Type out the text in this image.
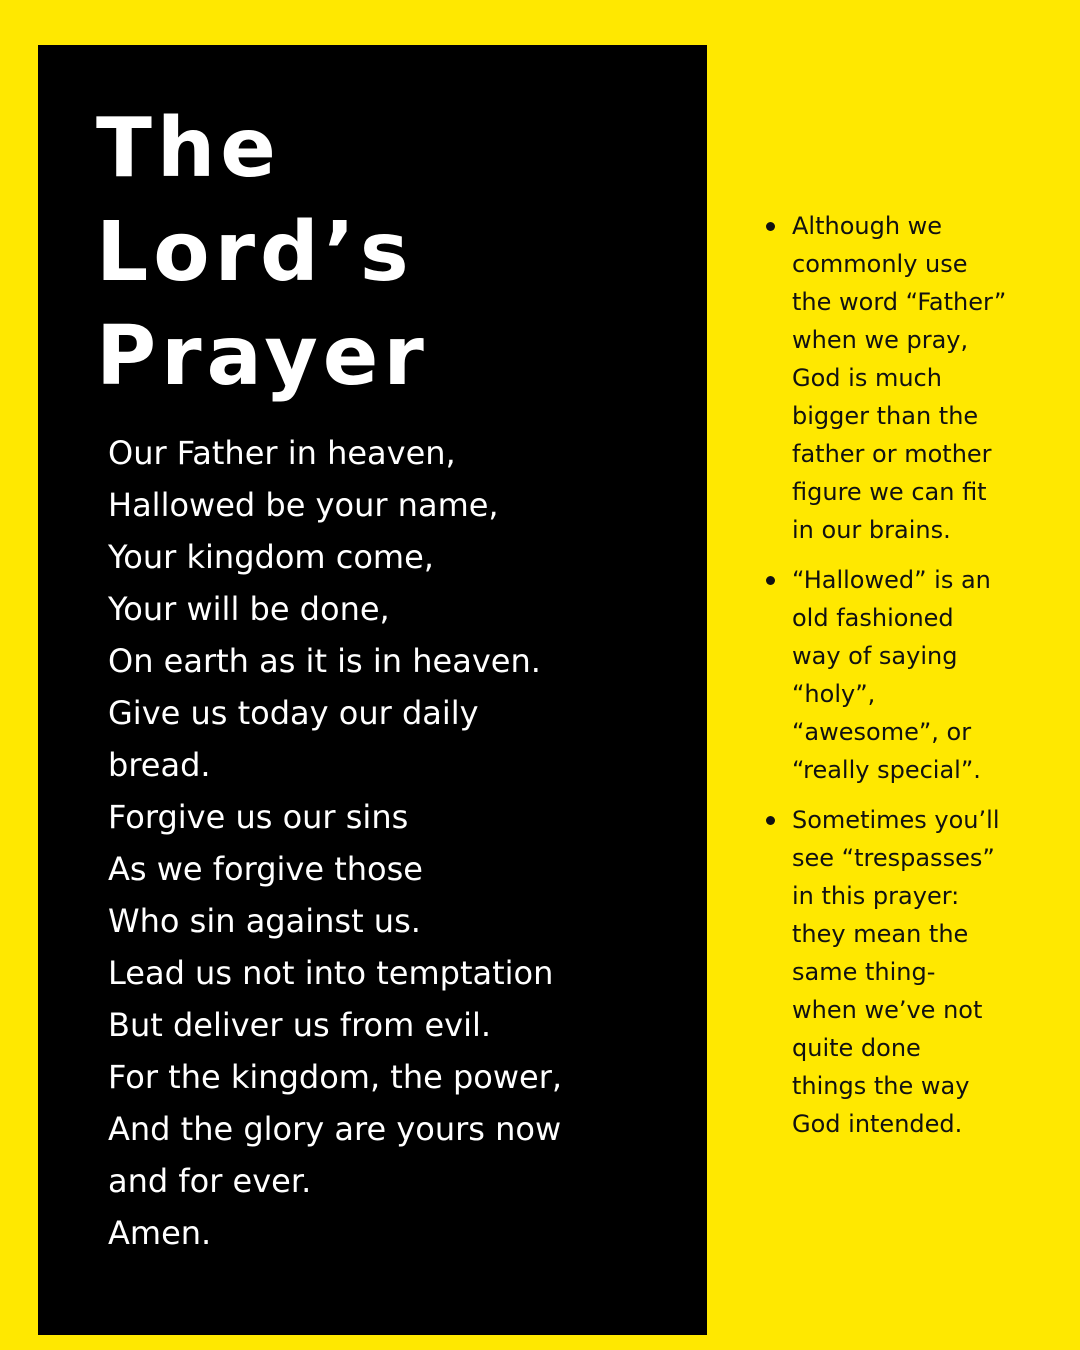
The
Lord’s
Prayer
Our Father in heaven,
Hallowed be your name,
Your kingdom come,
Your will be done,
On earth as it is in heaven.
Give us today our daily
bread.
Forgive us our sins
As we forgive those
Who sin against us.
Lead us not into temptation
But deliver us from evil.
For the kingdom, the power,
And the glory are yours now
and for ever.
Amen.
Although we
commonly use
the word “Father”
when we pray,
God is much
bigger than the
father or mother
figure we can fit
in our brains.
“Hallowed” is an
old fashioned
way of saying
“holy”,
“awesome”, or
“really special”.
Sometimes you’ll
see “trespasses”
in this prayer:
they mean the
same thing-
when we’ve not
quite done
things the way
God intended.
